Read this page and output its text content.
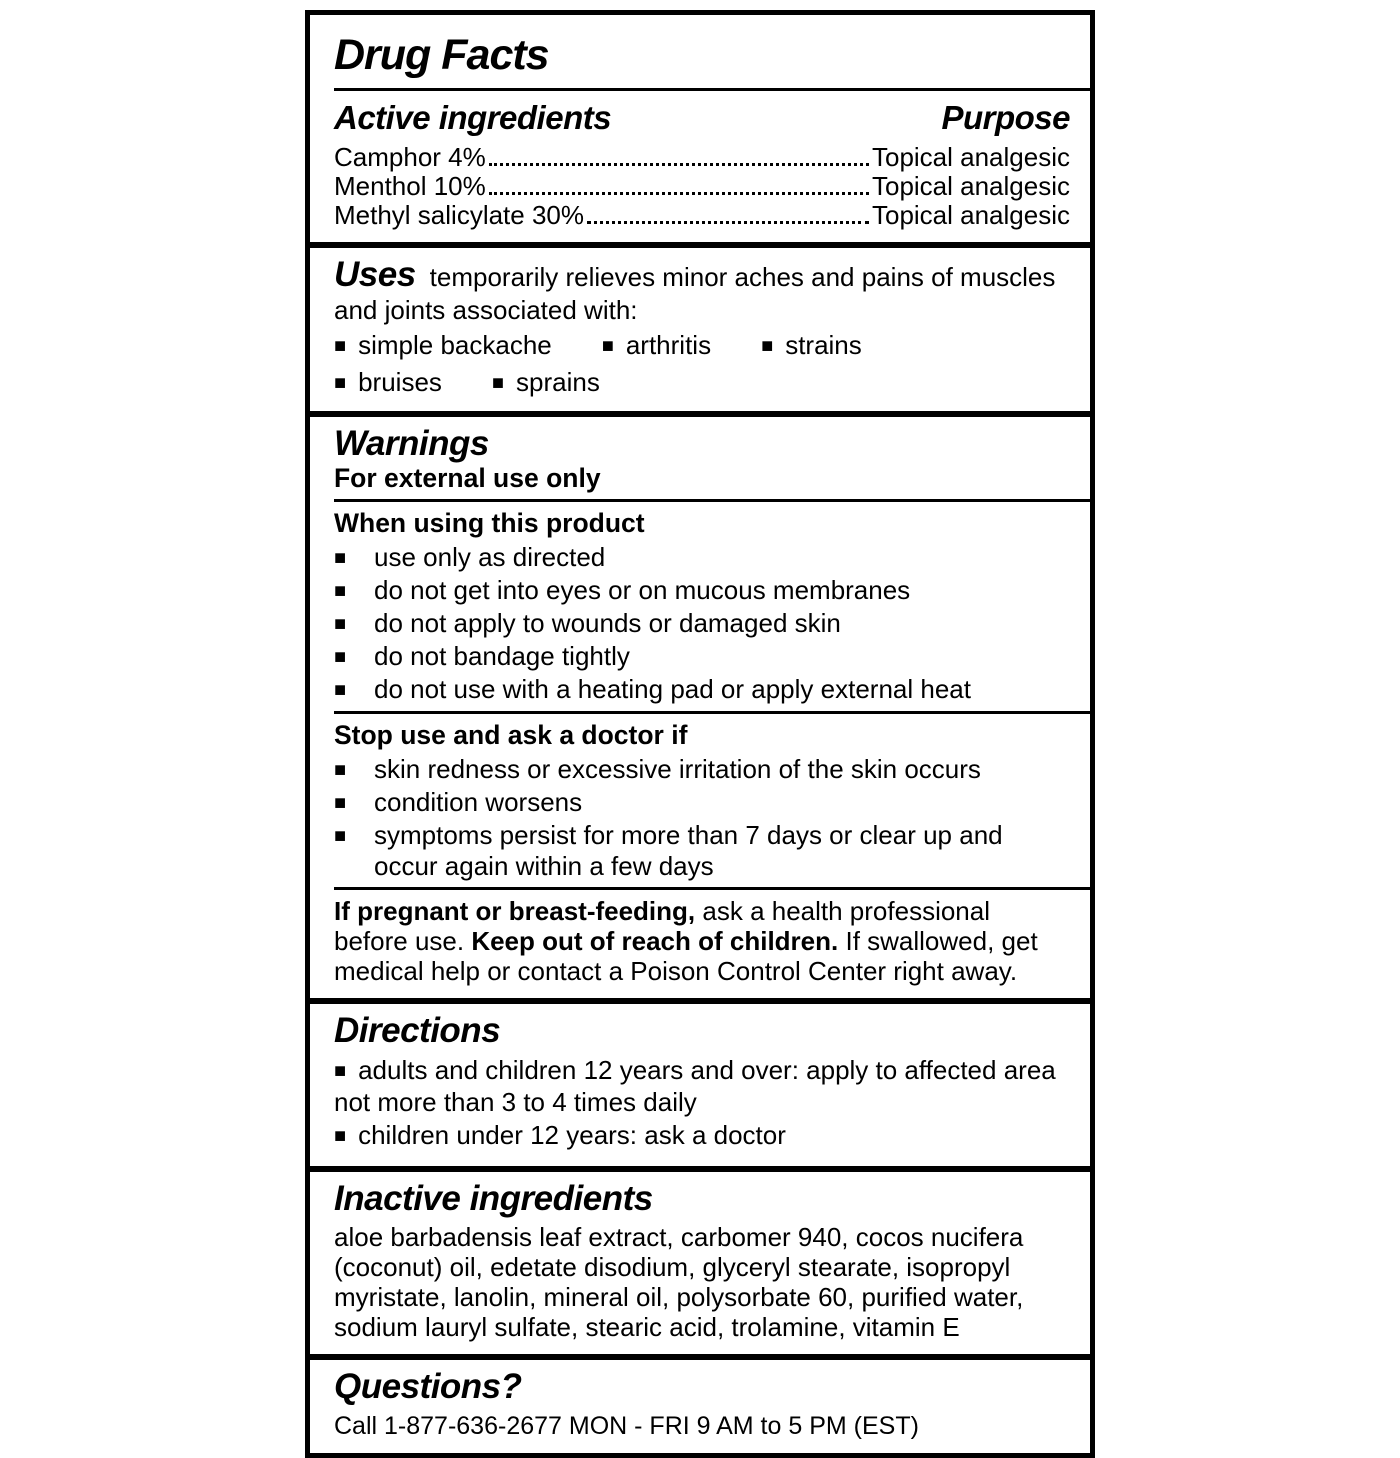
Drug Facts
Active ingredients	Purpose
Camphor 4%	Topical analgesic
Menthol 10%	Topical analgesic
Methyl salicylate 30%	Topical analgesic
Uses temporarily relieves minor aches and pains of muscles and joints associated with:
■ simple backache	■ arthritis	■ strains
■ bruises	■ sprains
Warnings
For external use only
When using this product
■ use only as directed
■ do not get into eyes or on mucous membranes
■ do not apply to wounds or damaged skin
■ do not bandage tightly
■ do not use with a heating pad or apply external heat
Stop use and ask a doctor if
■ skin redness or excessive irritation of the skin occurs
■ condition worsens
■ symptoms persist for more than 7 days or clear up and occur again within a few days
If pregnant or breast-feeding, ask a health professional before use. Keep out of reach of children. If swallowed, get medical help or contact a Poison Control Center right away.
Directions
■ adults and children 12 years and over: apply to affected area not more than 3 to 4 times daily
■ children under 12 years: ask a doctor
Inactive ingredients
aloe barbadensis leaf extract, carbomer 940, cocos nucifera (coconut) oil, edetate disodium, glyceryl stearate, isopropyl myristate, lanolin, mineral oil, polysorbate 60, purified water, sodium lauryl sulfate, stearic acid, trolamine, vitamin E
Questions?
Call 1-877-636-2677 MON - FRI 9 AM to 5 PM (EST)
